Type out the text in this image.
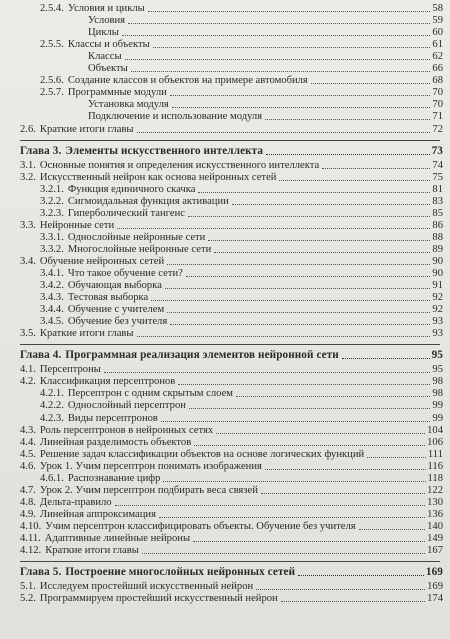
2.5.4. Условия и циклы	58
Условия	59
Циклы	60
2.5.5. Классы и объекты	61
Классы	62
Объекты	66
2.5.6. Создание классов и объектов на примере автомобиля	68
2.5.7. Программные модули	70
Установка модуля	70
Подключение и использование модуля	71
2.6. Краткие итоги главы	72
Глава 3. Элементы искусственного интеллекта	73
3.1. Основные понятия и определения искусственного интеллекта	74
3.2. Искусственный нейрон как основа нейронных сетей	75
3.2.1. Функция единичного скачка	81
3.2.2. Сигмоидальная функция активации	83
3.2.3. Гиперболический тангенс	85
3.3. Нейронные сети	86
3.3.1. Однослойные нейронные сети	88
3.3.2. Многослойные нейронные сети	89
3.4. Обучение нейронных сетей	90
3.4.1. Что такое обучение сети?	90
3.4.2. Обучающая выборка	91
3.4.3. Тестовая выборка	92
3.4.4. Обучение с учителем	92
3.4.5. Обучение без учителя	93
3.5. Краткие итоги главы	93
Глава 4. Программная реализация элементов нейронной сети	95
4.1. Персептроны	95
4.2. Классификация персептронов	98
4.2.1. Персептрон с одним скрытым слоем	98
4.2.2. Однослойный персептрон	99
4.2.3. Виды персептронов	99
4.3. Роль персептронов в нейронных сетях	104
4.4. Линейная разделимость объектов	106
4.5. Решение задач классификации объектов на основе логических функций	111
4.6. Урок 1. Учим персептрон понимать изображения	116
4.6.1. Распознавание цифр	118
4.7. Урок 2. Учим персептрон подбирать веса связей	122
4.8. Дельта-правило	130
4.9. Линейная аппроксимация	136
4.10. Учим персептрон классифицировать объекты. Обучение без учителя	140
4.11. Адаптивные линейные нейроны	149
4.12. Краткие итоги главы	167
Глава 5. Построение многослойных нейронных сетей	169
5.1. Исследуем простейший искусственный нейрон	169
5.2. Программируем простейший искусственный нейрон	174
